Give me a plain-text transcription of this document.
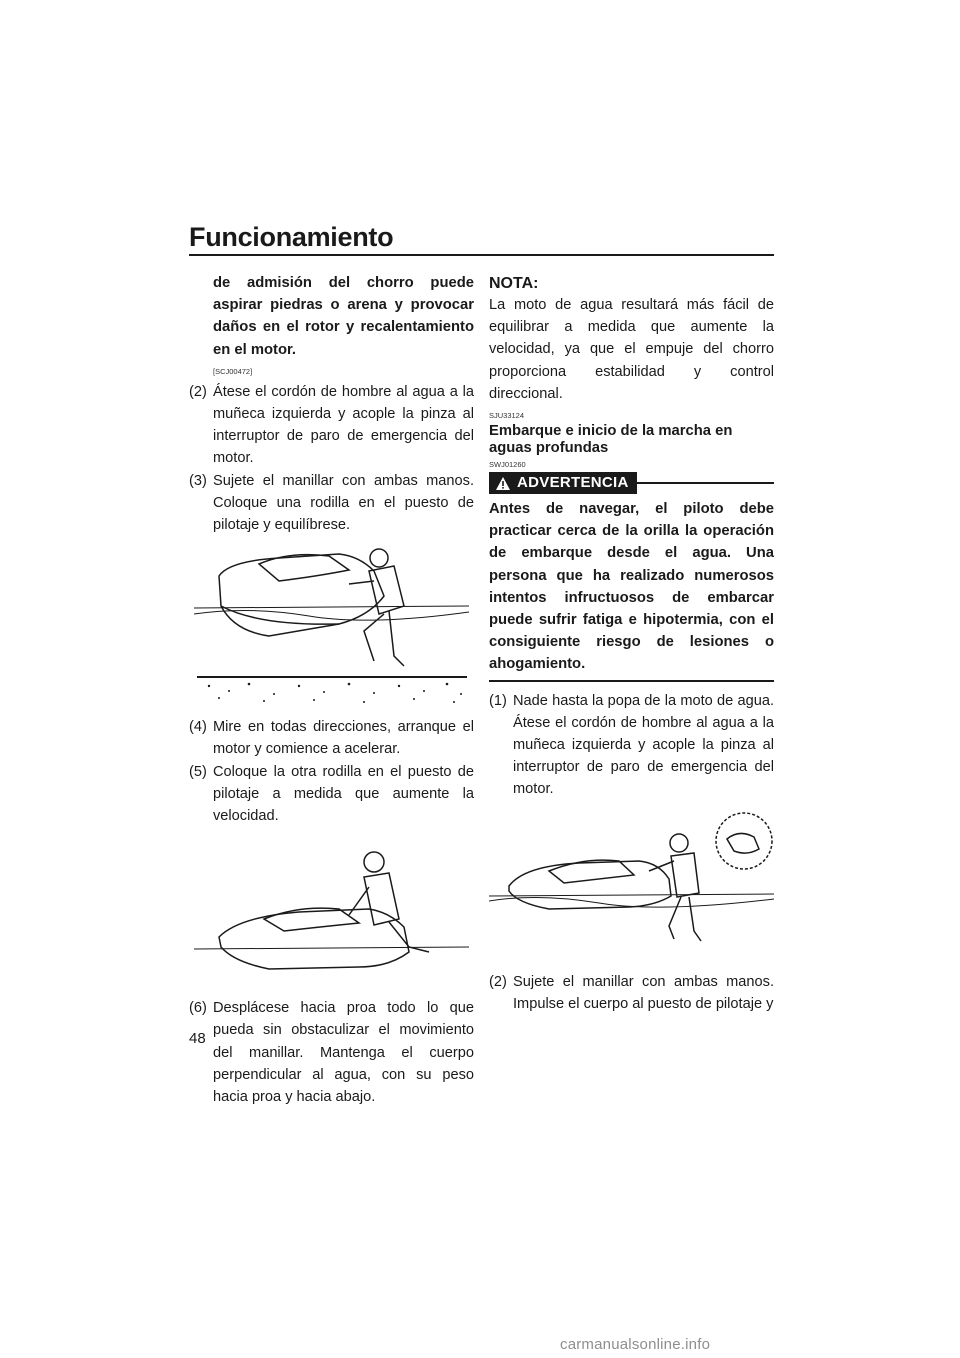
Funcionamiento
de admisión del chorro puede aspirar piedras o arena y provocar daños en el rotor y recalentamiento en el motor.
[SCJ00472]
(2) Átese el cordón de hombre al agua a la muñeca izquierda y acople la pinza al interruptor de paro de emergencia del motor.
(3) Sujete el manillar con ambas manos. Coloque una rodilla en el puesto de pilotaje y equilíbrese.
(4) Mire en todas direcciones, arranque el motor y comience a acelerar.
(5) Coloque la otra rodilla en el puesto de pilotaje a medida que aumente la velocidad.
(6) Desplácese hacia proa todo lo que pueda sin obstaculizar el movimiento del manillar. Mantenga el cuerpo perpendicular al agua, con su peso hacia proa y hacia abajo.
NOTA:
La moto de agua resultará más fácil de equilibrar a medida que aumente la velocidad, ya que el empuje del chorro proporciona estabilidad y control direccional.
SJU33124
Embarque e inicio de la marcha en aguas profundas
SWJ01260
ADVERTENCIA
Antes de navegar, el piloto debe practicar cerca de la orilla la operación de embarque desde el agua. Una persona que ha realizado numerosos intentos infructuosos de embarcar puede sufrir fatiga e hipotermia, con el consiguiente riesgo de lesiones o ahogamiento.
(1) Nade hasta la popa de la moto de agua. Átese el cordón de hombre al agua a la muñeca izquierda y acople la pinza al interruptor de paro de emergencia del motor.
(2) Sujete el manillar con ambas manos. Impulse el cuerpo al puesto de pilotaje y
48
carmanualsonline.info
